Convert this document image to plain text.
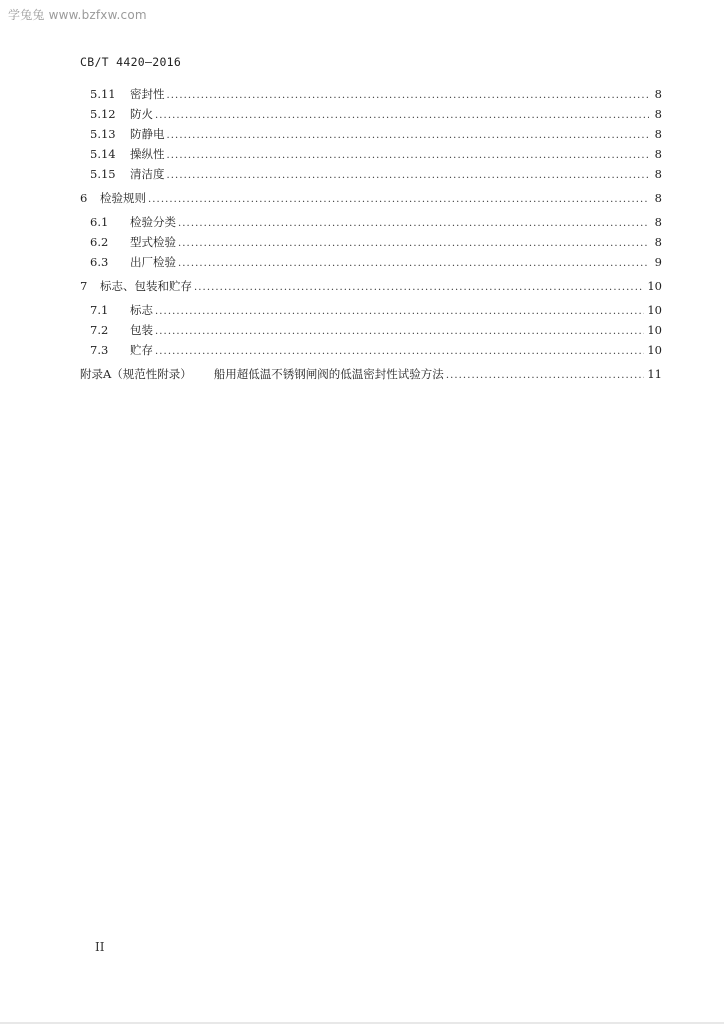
学兔兔 www.bzfxw.com
CB/T 4420—2016
5.11	密封性 .....	8
5.12	防火 .....	8
5.13	防静电 .....	8
5.14	操纵性 .....	8
5.15	清洁度 .....	8
6	检验规则 .....	8
6.1	检验分类 .....	8
6.2	型式检验 .....	8
6.3	出厂检验 .....	9
7	标志、包装和贮存 .....	10
7.1	标志 .....	10
7.2	包装 .....	10
7.3	贮存 .....	10
附录A（规范性附录） 船用超低温不锈钢闸阀的低温密封性试验方法 .....	11
II
